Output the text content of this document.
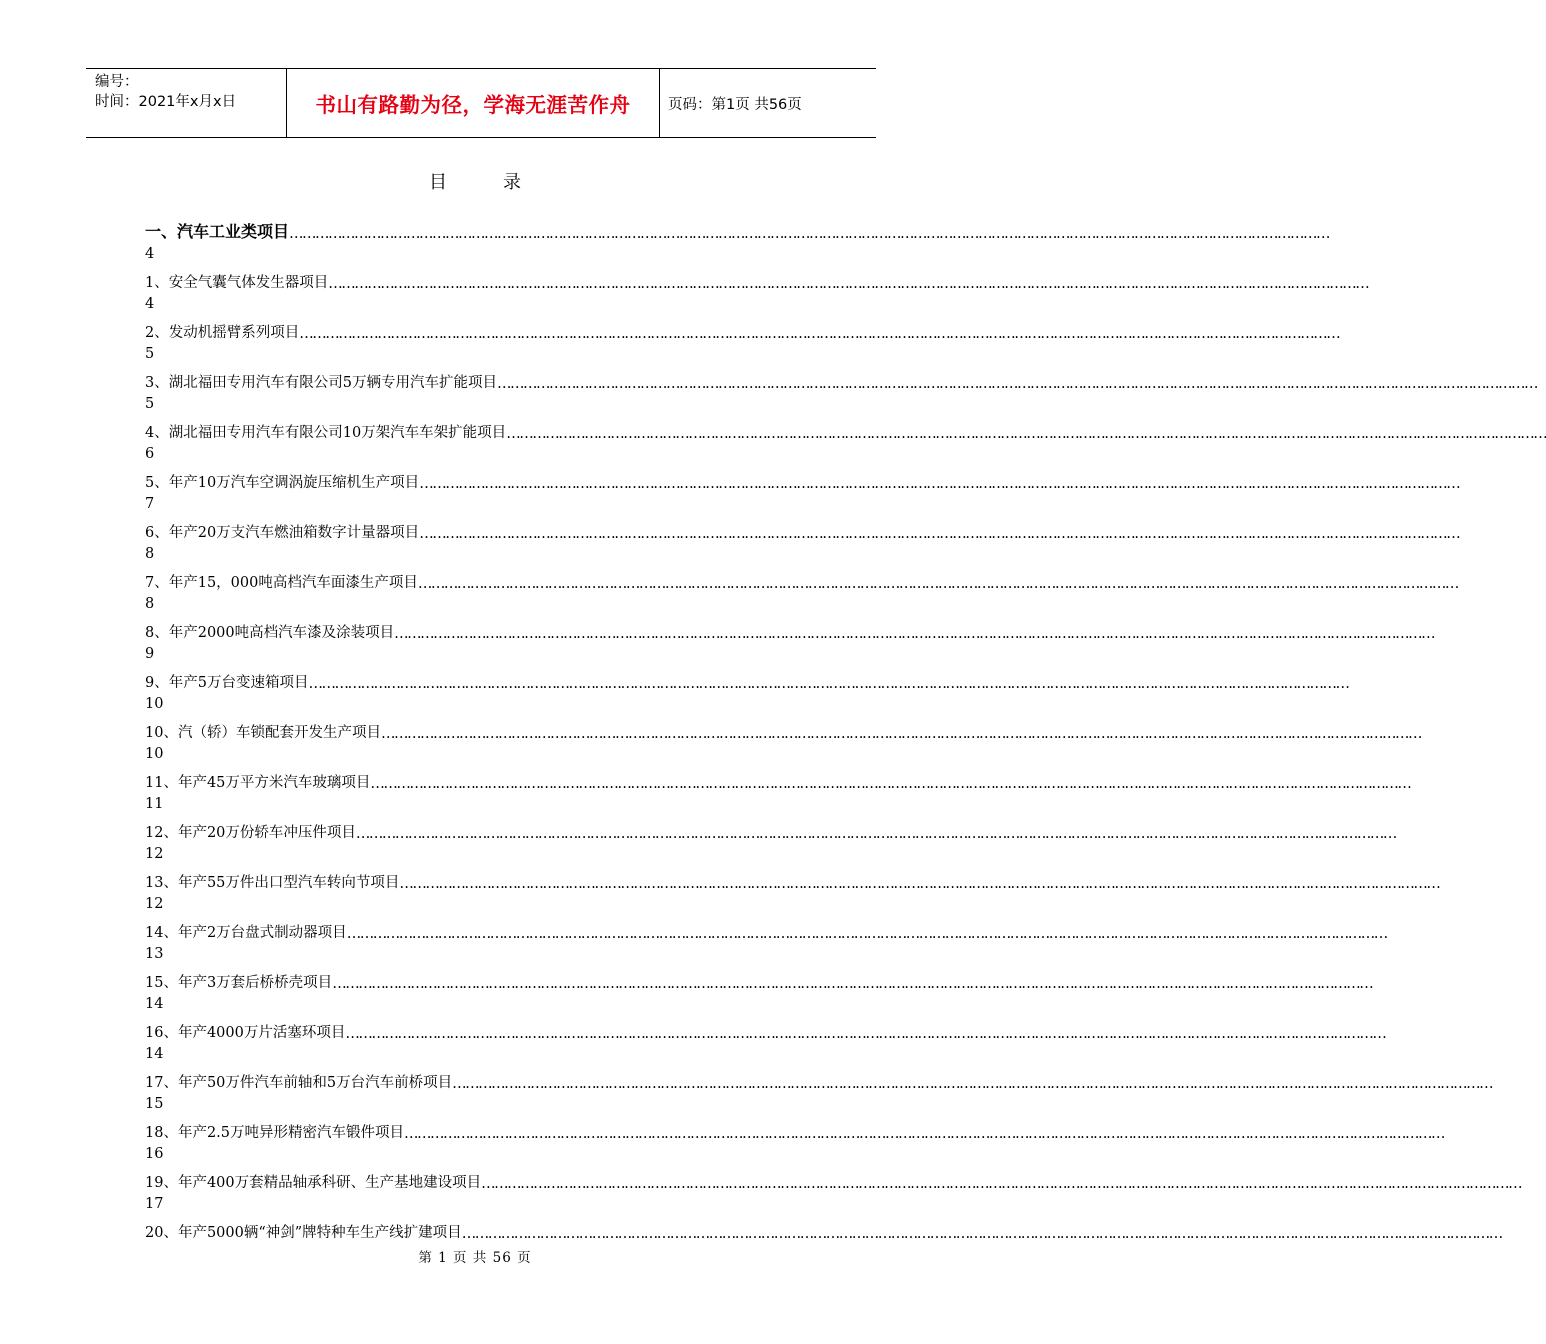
编号：
时间：2021年x月x日	书山有路勤为径，学海无涯苦作舟	页码：第1页 共56页
目录
一、汽车工业类项目 ……………………………………………………………………………………………………………………………………………………………………………………………………………………
4
1、安全气囊气体发生器项目 ……………………………………………………………………………………………………………………………………………………………………………………………………………………
4
2、发动机摇臂系列项目 ……………………………………………………………………………………………………………………………………………………………………………………………………………………
5
3、湖北福田专用汽车有限公司5万辆专用汽车扩能项目 ……………………………………………………………………………………………………………………………………………………………………………………………………………………
5
4、湖北福田专用汽车有限公司10万架汽车车架扩能项目 ……………………………………………………………………………………………………………………………………………………………………………………………………………………
6
5、年产10万汽车空调涡旋压缩机生产项目 ……………………………………………………………………………………………………………………………………………………………………………………………………………………
7
6、年产20万支汽车燃油箱数字计量器项目 ……………………………………………………………………………………………………………………………………………………………………………………………………………………
8
7、年产15，000吨高档汽车面漆生产项目 ……………………………………………………………………………………………………………………………………………………………………………………………………………………
8
8、年产2000吨高档汽车漆及涂装项目 ……………………………………………………………………………………………………………………………………………………………………………………………………………………
9
9、年产5万台变速箱项目 ……………………………………………………………………………………………………………………………………………………………………………………………………………………
10
10、汽（轿）车锁配套开发生产项目 ……………………………………………………………………………………………………………………………………………………………………………………………………………………
10
11、年产45万平方米汽车玻璃项目 ……………………………………………………………………………………………………………………………………………………………………………………………………………………
11
12、年产20万份轿车冲压件项目 ……………………………………………………………………………………………………………………………………………………………………………………………………………………
12
13、年产55万件出口型汽车转向节项目 ……………………………………………………………………………………………………………………………………………………………………………………………………………………
12
14、年产2万台盘式制动器项目 ……………………………………………………………………………………………………………………………………………………………………………………………………………………
13
15、年产3万套后桥桥壳项目 ……………………………………………………………………………………………………………………………………………………………………………………………………………………
14
16、年产4000万片活塞环项目 ……………………………………………………………………………………………………………………………………………………………………………………………………………………
14
17、年产50万件汽车前轴和5万台汽车前桥项目 ……………………………………………………………………………………………………………………………………………………………………………………………………………………
15
18、年产2.5万吨异形精密汽车锻件项目 ……………………………………………………………………………………………………………………………………………………………………………………………………………………
16
19、年产400万套精品轴承科研、生产基地建设项目 ……………………………………………………………………………………………………………………………………………………………………………………………………………………
17
20、年产5000辆“神剑”牌特种车生产线扩建项目 ……………………………………………………………………………………………………………………………………………………………………………………………………………………
第 1 页 共 56 页
